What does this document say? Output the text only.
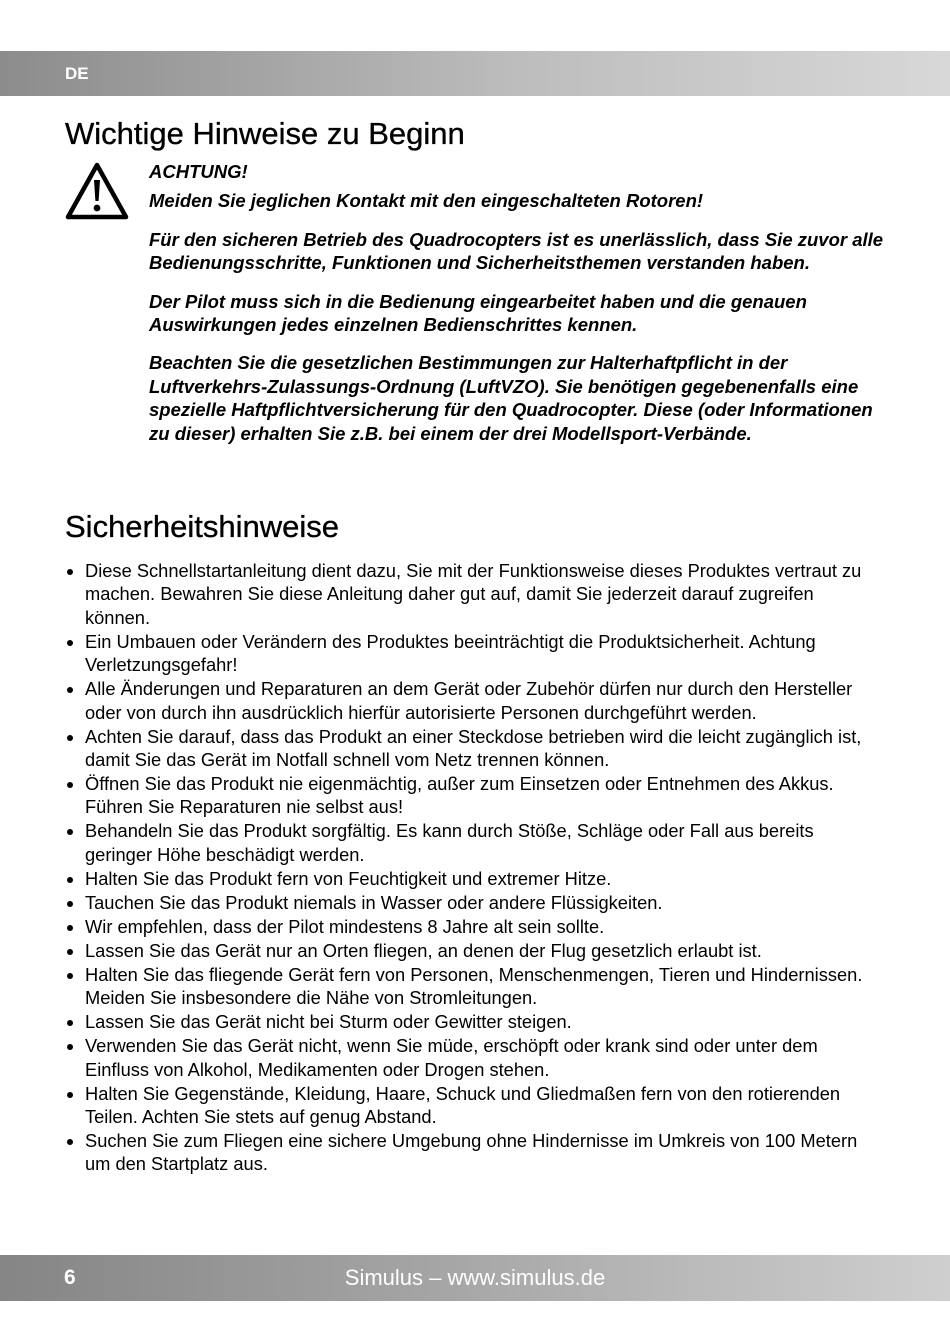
DE
Wichtige Hinweise zu Beginn

ACHTUNG!

Meiden Sie jeglichen Kontakt mit den eingeschalteten Rotoren!

Für den sicheren Betrieb des Quadrocopters ist es unerlässlich, dass Sie zuvor alle Bedienungsschritte, Funktionen und Sicherheitsthemen verstanden haben.

Der Pilot muss sich in die Bedienung eingearbeitet haben und die genauen Auswirkungen jedes einzelnen Bedienschrittes kennen.

Beachten Sie die gesetzlichen Bestimmungen zur Halterhaftpflicht in der Luftverkehrs-Zulassungs-Ordnung (LuftVZO). Sie benötigen gegebenenfalls eine spezielle Haftpflichtversicherung für den Quadrocopter. Diese (oder Informationen zu dieser) erhalten Sie z.B. bei einem der drei Modellsport-Verbände.

Sicherheitshinweise
Diese Schnellstartanleitung dient dazu, Sie mit der Funktionsweise dieses Produktes vertraut zu machen. Bewahren Sie diese Anleitung daher gut auf, damit Sie jederzeit darauf zugreifen können.
Ein Umbauen oder Verändern des Produktes beeinträchtigt die Produktsicherheit. Achtung Verletzungsgefahr!
Alle Änderungen und Reparaturen an dem Gerät oder Zubehör dürfen nur durch den Hersteller oder von durch ihn ausdrücklich hierfür autorisierte Personen durchgeführt werden.
Achten Sie darauf, dass das Produkt an einer Steckdose betrieben wird die leicht zugänglich ist, damit Sie das Gerät im Notfall schnell vom Netz trennen können.
Öffnen Sie das Produkt nie eigenmächtig, außer zum Einsetzen oder Entnehmen des Akkus. Führen Sie Reparaturen nie selbst aus!
Behandeln Sie das Produkt sorgfältig. Es kann durch Stöße, Schläge oder Fall aus bereits geringer Höhe beschädigt werden.
Halten Sie das Produkt fern von Feuchtigkeit und extremer Hitze.
Tauchen Sie das Produkt niemals in Wasser oder andere Flüssigkeiten.
Wir empfehlen, dass der Pilot mindestens 8 Jahre alt sein sollte.
Lassen Sie das Gerät nur an Orten fliegen, an denen der Flug gesetzlich erlaubt ist.
Halten Sie das fliegende Gerät fern von Personen, Menschenmengen, Tieren und Hindernissen. Meiden Sie insbesondere die Nähe von Stromleitungen.
Lassen Sie das Gerät nicht bei Sturm oder Gewitter steigen.
Verwenden Sie das Gerät nicht, wenn Sie müde, erschöpft oder krank sind oder unter dem Einfluss von Alkohol, Medikamenten oder Drogen stehen.
Halten Sie Gegenstände, Kleidung, Haare, Schuck und Gliedmaßen fern von den rotierenden Teilen. Achten Sie stets auf genug Abstand.
Suchen Sie zum Fliegen eine sichere Umgebung ohne Hindernisse im Umkreis von 100 Metern um den Startplatz aus.
6	Simulus – www.simulus.de
